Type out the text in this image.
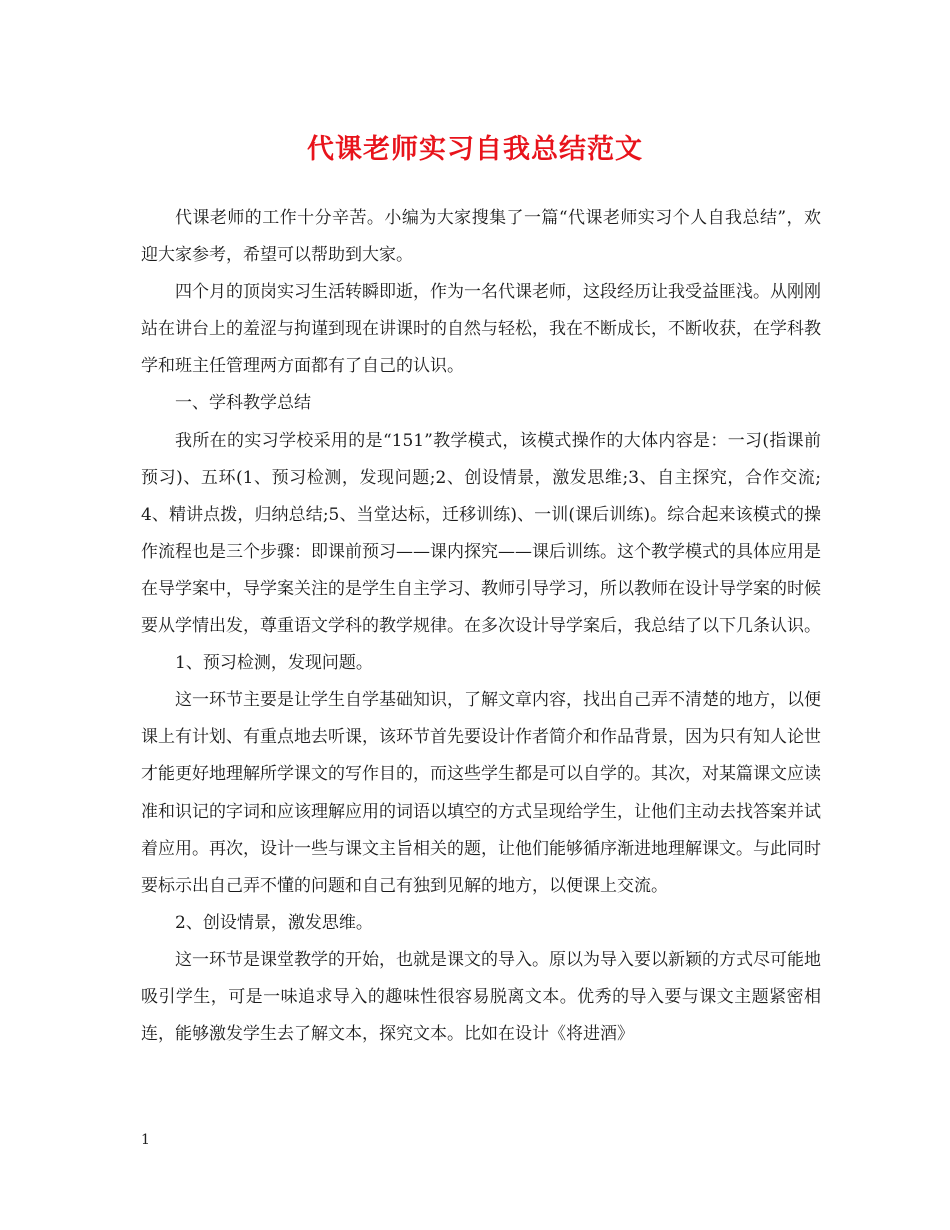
代课老师实习自我总结范文

代课老师的工作十分辛苦。小编为大家搜集了一篇“代课老师实习个人自我总结”，欢迎大家参考，希望可以帮助到大家。

四个月的顶岗实习生活转瞬即逝，作为一名代课老师，这段经历让我受益匪浅。从刚刚站在讲台上的羞涩与拘谨到现在讲课时的自然与轻松，我在不断成长，不断收获，在学科教学和班主任管理两方面都有了自己的认识。

一、学科教学总结

我所在的实习学校采用的是“151”教学模式，该模式操作的大体内容是：一习(指课前预习)、五环(1、预习检测，发现问题;2、创设情景，激发思维;3、自主探究，合作交流;4、精讲点拨，归纳总结;5、当堂达标，迁移训练)、一训(课后训练)。综合起来该模式的操作流程也是三个步骤：即课前预习——课内探究——课后训练。这个教学模式的具体应用是在导学案中，导学案关注的是学生自主学习、教师引导学习，所以教师在设计导学案的时候要从学情出发，尊重语文学科的教学规律。在多次设计导学案后，我总结了以下几条认识。

1、预习检测，发现问题。

这一环节主要是让学生自学基础知识，了解文章内容，找出自己弄不清楚的地方，以便课上有计划、有重点地去听课，该环节首先要设计作者简介和作品背景，因为只有知人论世才能更好地理解所学课文的写作目的，而这些学生都是可以自学的。其次，对某篇课文应读准和识记的字词和应该理解应用的词语以填空的方式呈现给学生，让他们主动去找答案并试着应用。再次，设计一些与课文主旨相关的题，让他们能够循序渐进地理解课文。与此同时要标示出自己弄不懂的问题和自己有独到见解的地方，以便课上交流。

2、创设情景，激发思维。

这一环节是课堂教学的开始，也就是课文的导入。原以为导入要以新颖的方式尽可能地吸引学生，可是一味追求导入的趣味性很容易脱离文本。优秀的导入要与课文主题紧密相连，能够激发学生去了解文本，探究文本。比如在设计《将进酒》

1
